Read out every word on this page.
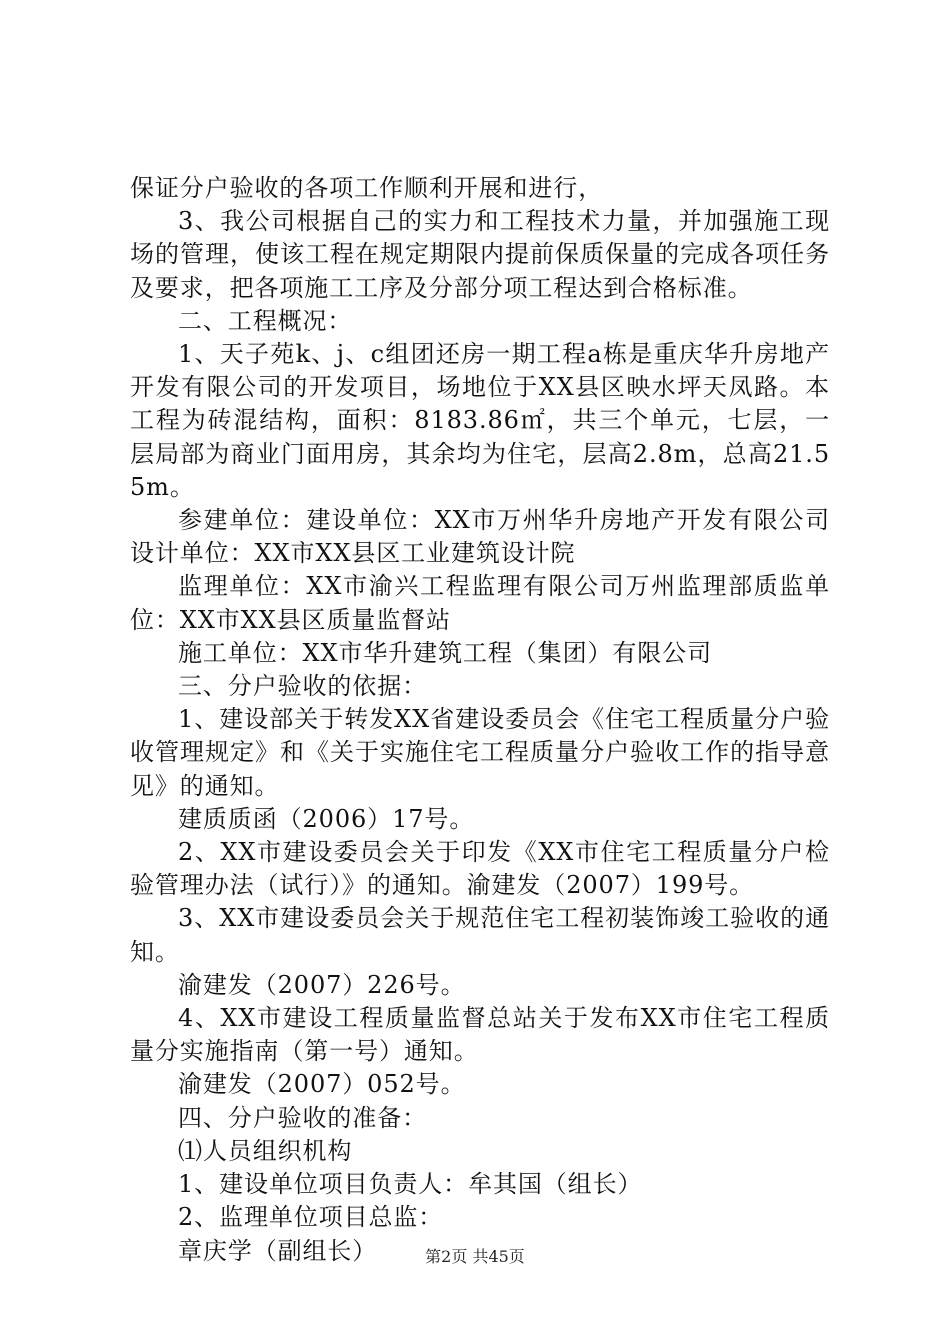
保证分户验收的各项工作顺利开展和进行，

3、我公司根据自己的实力和工程技术力量，并加强施工现场的管理，使该工程在规定期限内提前保质保量的完成各项任务及要求，把各项施工工序及分部分项工程达到合格标准。

二、工程概况：

1、天子苑k、j、c组团还房一期工程a栋是重庆华升房地产开发有限公司的开发项目，场地位于XX县区映水坪天凤路。本工程为砖混结构，面积：8183.86㎡，共三个单元，七层，一层局部为商业门面用房，其余均为住宅，层高2.8m，总高21.55m。

参建单位：建设单位：XX市万州华升房地产开发有限公司设计单位：XX市XX县区工业建筑设计院

监理单位：XX市渝兴工程监理有限公司万州监理部质监单位：XX市XX县区质量监督站

施工单位：XX市华升建筑工程（集团）有限公司

三、分户验收的依据：

1、建设部关于转发XX省建设委员会《住宅工程质量分户验收管理规定》和《关于实施住宅工程质量分户验收工作的指导意见》的通知。

建质质函（2006）17号。

2、XX市建设委员会关于印发《XX市住宅工程质量分户检验管理办法（试行）》的通知。渝建发（2007）199号。

3、XX市建设委员会关于规范住宅工程初装饰竣工验收的通知。

渝建发（2007）226号。

4、XX市建设工程质量监督总站关于发布XX市住宅工程质量分实施指南（第一号）通知。

渝建发（2007）052号。

四、分户验收的准备：

⑴人员组织机构

1、建设单位项目负责人：牟其国（组长）

2、监理单位项目总监：

章庆学（副组长）	第2页 共45页
